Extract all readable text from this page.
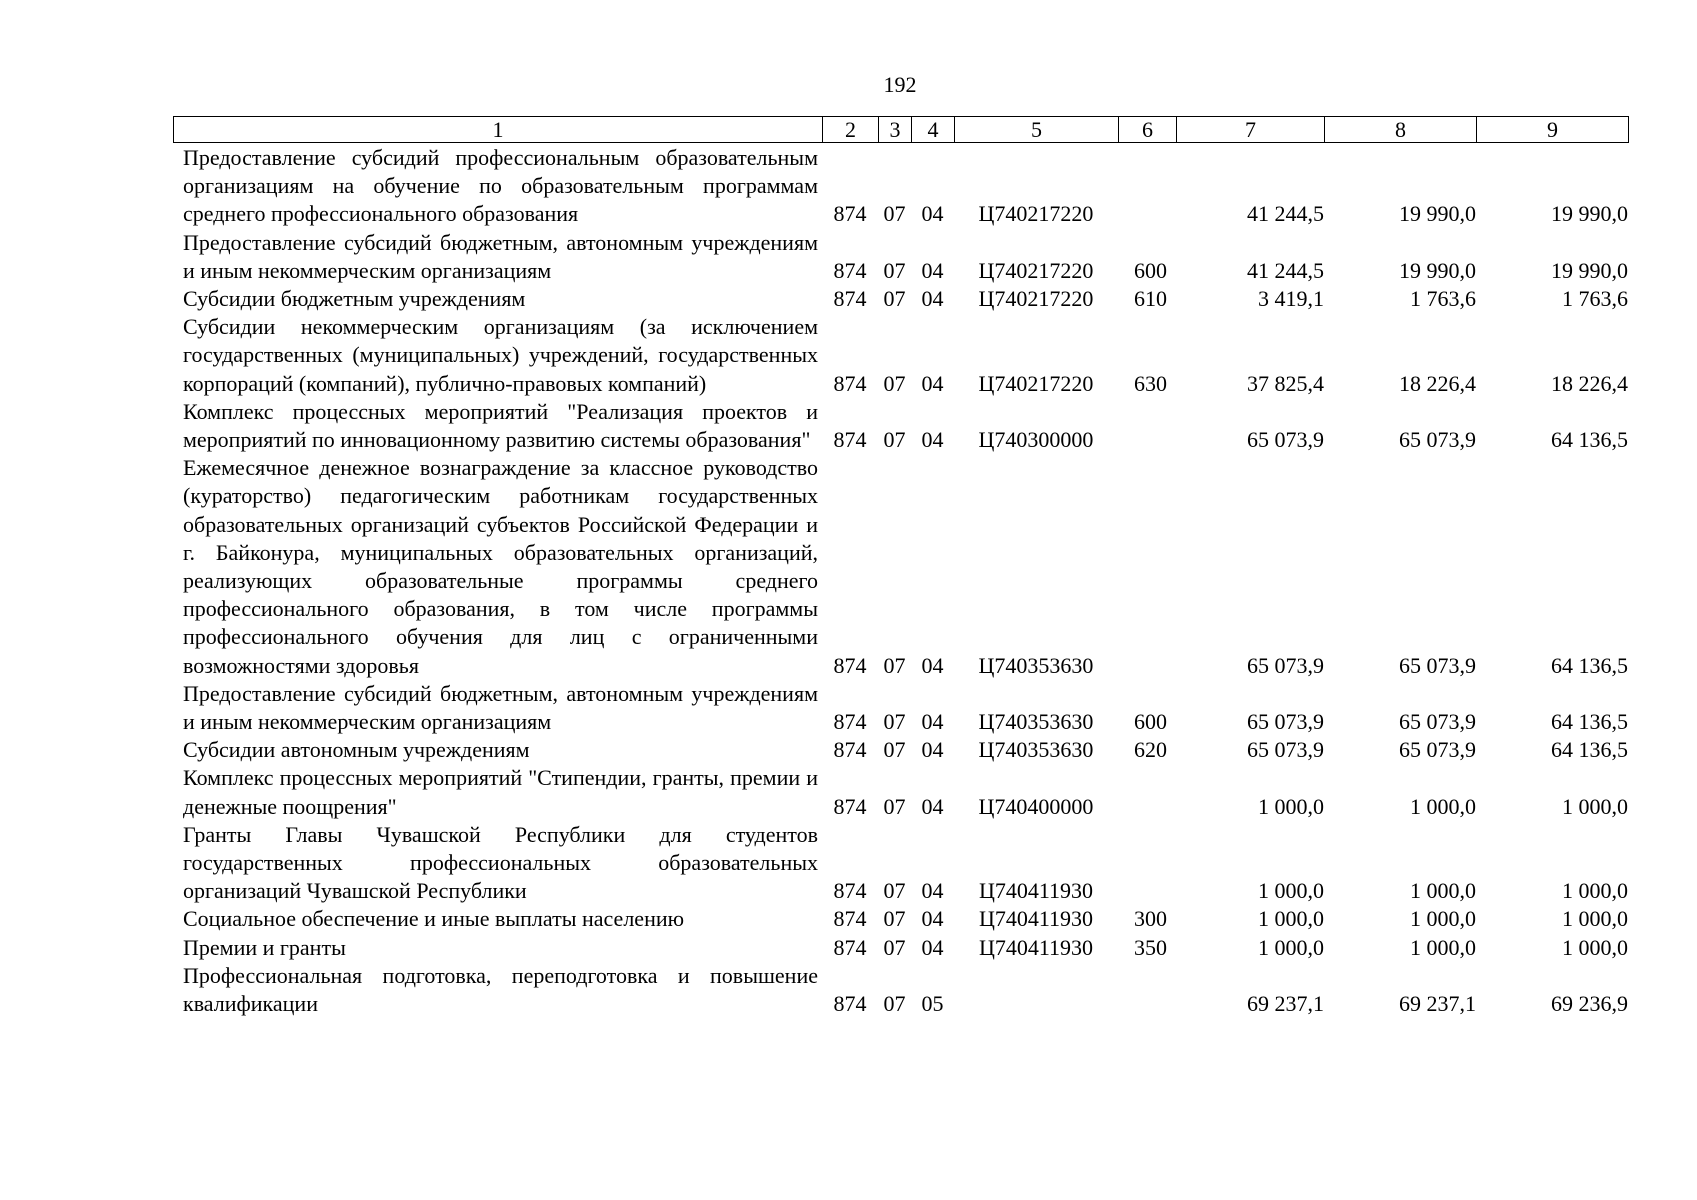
192
1	2	3	4	5	6	7	8	9
Предоставление субсидий профессиональным образовательным организациям на обучение по образовательным программам среднего профессионального образования	874	07	04	Ц740217220		41 244,5	19 990,0	19 990,0
Предоставление субсидий бюджетным, автономным учреждениям и иным некоммерческим организациям	874	07	04	Ц740217220	600	41 244,5	19 990,0	19 990,0
Субсидии бюджетным учреждениям	874	07	04	Ц740217220	610	3 419,1	1 763,6	1 763,6
Субсидии некоммерческим организациям (за исключением государственных (муниципальных) учреждений, государственных корпораций (компаний), публично-правовых компаний)	874	07	04	Ц740217220	630	37 825,4	18 226,4	18 226,4
Комплекс процессных мероприятий "Реализация проектов и мероприятий по инновационному развитию системы образования"	874	07	04	Ц740300000		65 073,9	65 073,9	64 136,5
Ежемесячное денежное вознаграждение за классное руководство (кураторство) педагогическим работникам государственных образовательных организаций субъектов Российской Федерации и г. Байконура, муниципальных образовательных организаций, реализующих образовательные программы среднего профессионального образования, в том числе программы профессионального обучения для лиц с ограниченными возможностями здоровья	874	07	04	Ц740353630		65 073,9	65 073,9	64 136,5
Предоставление субсидий бюджетным, автономным учреждениям и иным некоммерческим организациям	874	07	04	Ц740353630	600	65 073,9	65 073,9	64 136,5
Субсидии автономным учреждениям	874	07	04	Ц740353630	620	65 073,9	65 073,9	64 136,5
Комплекс процессных мероприятий "Стипендии, гранты, премии и денежные поощрения"	874	07	04	Ц740400000		1 000,0	1 000,0	1 000,0
Гранты Главы Чувашской Республики для студентов государственных профессиональных образовательных организаций Чувашской Республики	874	07	04	Ц740411930		1 000,0	1 000,0	1 000,0
Социальное обеспечение и иные выплаты населению	874	07	04	Ц740411930	300	1 000,0	1 000,0	1 000,0
Премии и гранты	874	07	04	Ц740411930	350	1 000,0	1 000,0	1 000,0
Профессиональная подготовка, переподготовка и повышение квалификации	874	07	05			69 237,1	69 237,1	69 236,9
